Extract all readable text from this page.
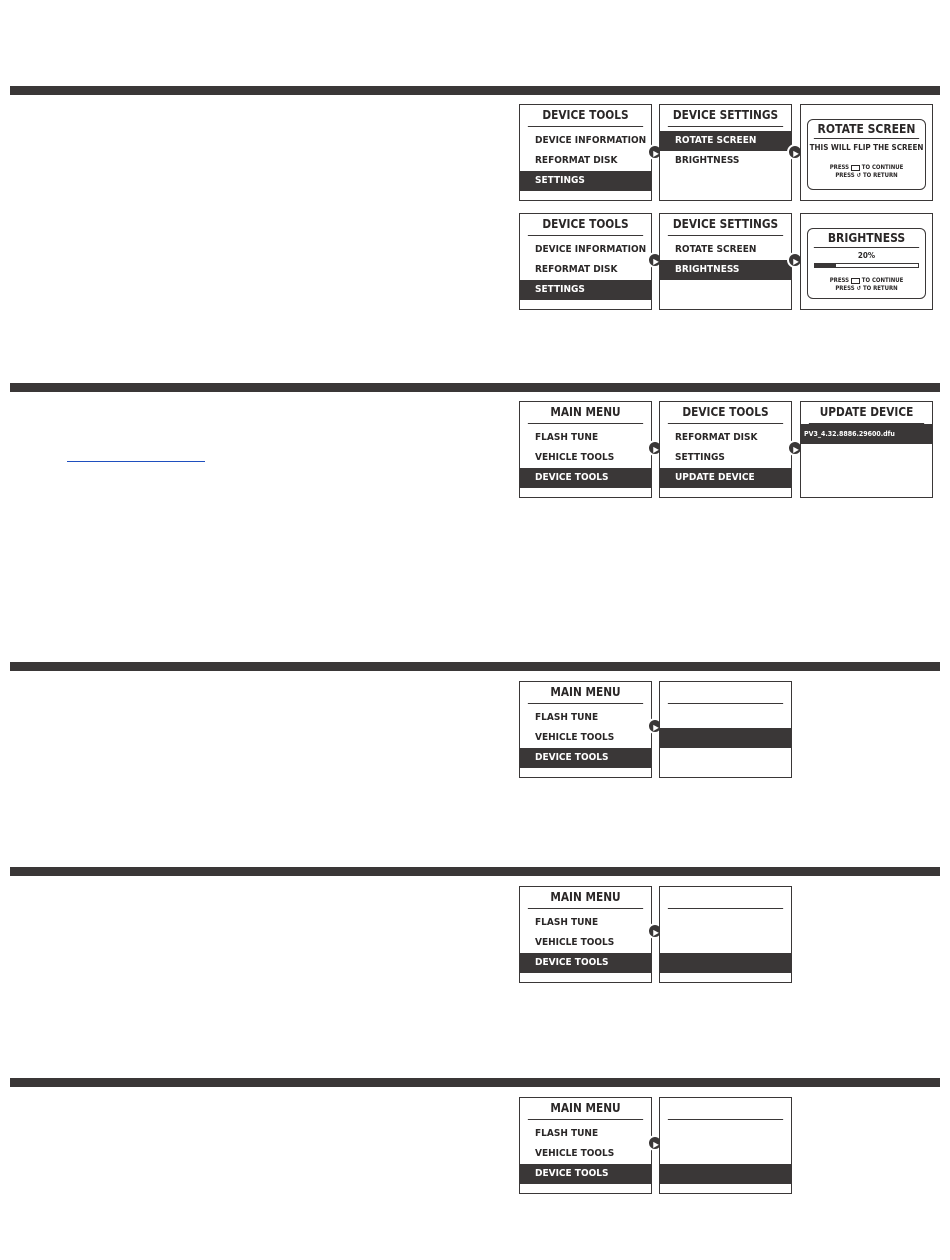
DEVICE TOOLS
DEVICE INFORMATION
REFORMAT DISK
SETTINGS
▶
DEVICE SETTINGS
ROTATE SCREEN
BRIGHTNESS
▶
ROTATE SCREEN
THIS WILL FLIP THE SCREEN
PRESS TO CONTINUE
PRESS ↺ TO RETURN
DEVICE TOOLS
DEVICE INFORMATION
REFORMAT DISK
SETTINGS
▶
DEVICE SETTINGS
ROTATE SCREEN
BRIGHTNESS
▶
BRIGHTNESS
20%
PRESS TO CONTINUE
PRESS ↺ TO RETURN
MAIN MENU
FLASH TUNE
VEHICLE TOOLS
DEVICE TOOLS
▶
DEVICE TOOLS
REFORMAT DISK
SETTINGS
UPDATE DEVICE
▶
UPDATE DEVICE
PV3_4.32.8886.29600.dfu
MAIN MENU
FLASH TUNE
VEHICLE TOOLS
DEVICE TOOLS
▶
MAIN MENU
FLASH TUNE
VEHICLE TOOLS
DEVICE TOOLS
▶
MAIN MENU
FLASH TUNE
VEHICLE TOOLS
DEVICE TOOLS
▶
